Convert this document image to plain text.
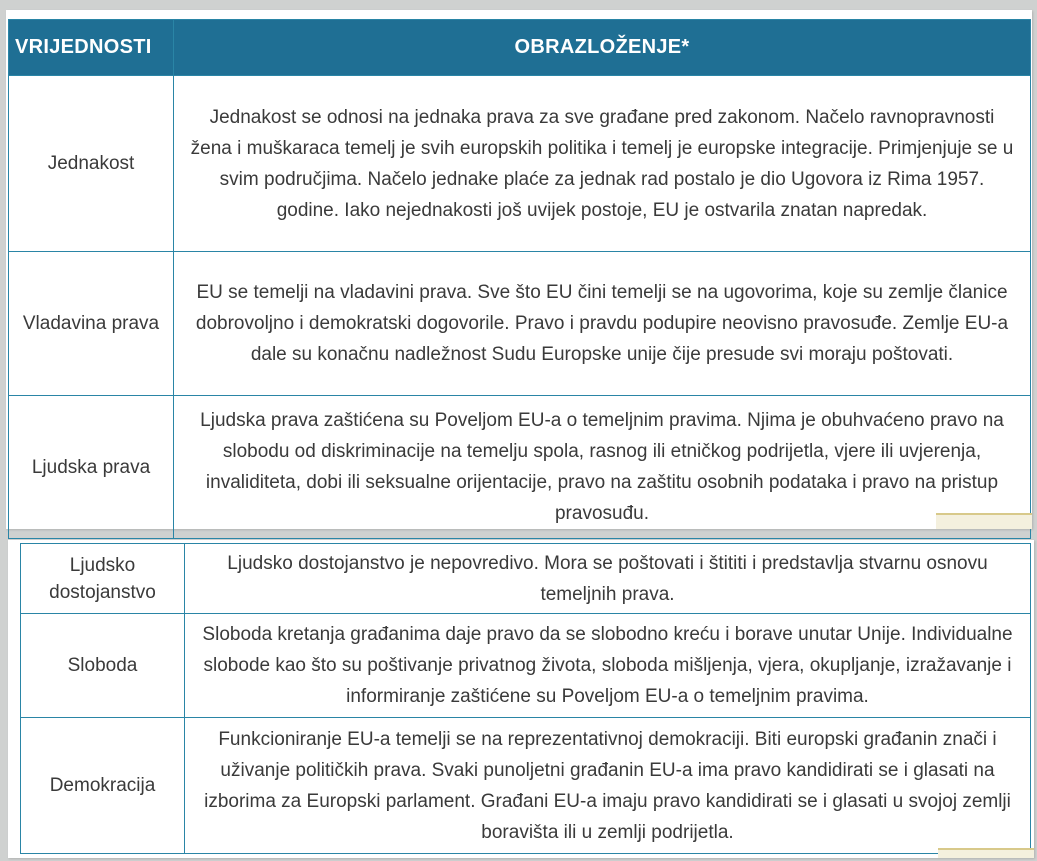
VRIJEDNOSTI	OBRAZLOŽENJE*
Jednakost	Jednakost se odnosi na jednaka prava za sve građane pred zakonom. Načelo ravnopravnosti žena i muškaraca temelj je svih europskih politika i temelj je europske integracije. Primjenjuje se u svim područjima. Načelo jednake plaće za jednak rad postalo je dio Ugovora iz Rima 1957. godine. Iako nejednakosti još uvijek postoje, EU je ostvarila znatan napredak.
Vladavina prava	EU se temelji na vladavini prava. Sve što EU čini temelji se na ugovorima, koje su zemlje članice dobrovoljno i demokratski dogovorile. Pravo i pravdu podupire neovisno pravosuđe. Zemlje EU-a dale su konačnu nadležnost Sudu Europske unije čije presude svi moraju poštovati.
Ljudska prava	Ljudska prava zaštićena su Poveljom EU-a o temeljnim pravima. Njima je obuhvaćeno pravo na slobodu od diskriminacije na temelju spola, rasnog ili etničkog podrijetla, vjere ili uvjerenja, invaliditeta, dobi ili seksualne orijentacije, pravo na zaštitu osobnih podataka i pravo na pristup pravosuđu.
Ljudsko dostojanstvo	Ljudsko dostojanstvo je nepovredivo. Mora se poštovati i štititi i predstavlja stvarnu osnovu temeljnih prava.
Sloboda	Sloboda kretanja građanima daje pravo da se slobodno kreću i borave unutar Unije. Individualne slobode kao što su poštivanje privatnog života, sloboda mišljenja, vjera, okupljanje, izražavanje i informiranje zaštićene su Poveljom EU-a o temeljnim pravima.
Demokracija	Funkcioniranje EU-a temelji se na reprezentativnoj demokraciji. Biti europski građanin znači i uživanje političkih prava. Svaki punoljetni građanin EU-a ima pravo kandidirati se i glasati na izborima za Europski parlament. Građani EU-a imaju pravo kandidirati se i glasati u svojoj zemlji boravišta ili u zemlji podrijetla.
